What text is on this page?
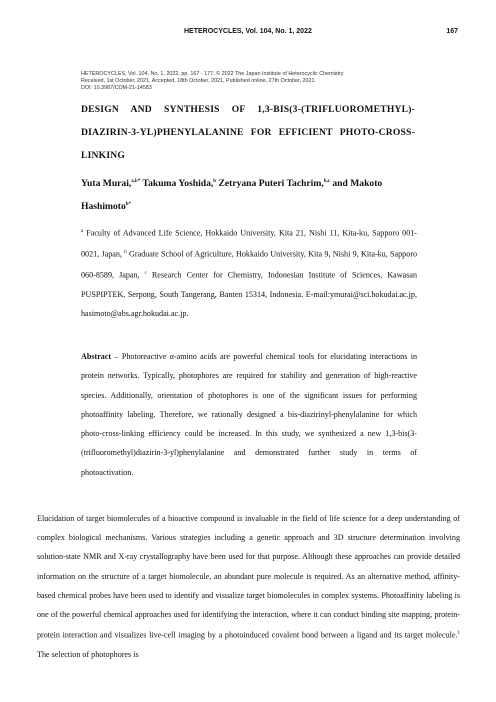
HETEROCYCLES, Vol. 104, No. 1, 2022	167
HETEROCYCLES, Vol. 104, No. 1, 2022, pp. 167 - 177. © 2022 The Japan Institute of Heterocyclic Chemistry
Received, 1st October, 2021, Accepted, 18th October, 2021, Published online, 27th October, 2021
DOI: 10.3987/COM-21-14583
DESIGN AND SYNTHESIS OF 1,3-BIS(3-(TRIFLUOROMETHYL)-DIAZIRIN-3-YL)PHENYLALANINE FOR EFFICIENT PHOTO-CROSS-LINKING
Yuta Murai,$^{a,b*}$ Takuma Yoshida,$^b$ Zetryana Puteri Tachrim,$^{b,c}$ and Makoto Hashimoto$^{b*}$
$^a$ Faculty of Advanced Life Science, Hokkaido University, Kita 21, Nishi 11, Kita-ku, Sapporo 001-0021, Japan, $^b$ Graduate School of Agriculture, Hokkaido University, Kita 9, Nishi 9, Kita-ku, Sapporo 060-8589, Japan, $^c$ Research Center for Chemistry, Indonesian Institute of Sciences, Kawasan PUSPIPTEK, Serpong, South Tangerang, Banten 15314, Indonesia. E-mail:ymurai@sci.hokudai.ac.jp, hasimoto@abs.agr.hokudai.ac.jp.
Abstract – Photoreactive α-amino acids are powerful chemical tools for elucidating interactions in protein networks. Typically, photophores are required for stability and generation of high-reactive species. Additionally, orientation of photophores is one of the significant issues for performing photoaffinity labeling. Therefore, we rationally designed a bis-diazirinyl-phenylalanine for which photo-cross-linking efficiency could be increased. In this study, we synthesized a new 1,3-bis(3-(trifluoromethyl)diazirin-3-yl)phenylalanine and demonstrated further study in terms of photoactivation.
Elucidation of target biomolecules of a bioactive compound is invaluable in the field of life science for a deep understanding of complex biological mechanisms. Various strategies including a genetic approach and 3D structure determination involving solution-state NMR and X-ray crystallography have been used for that purpose. Although these approaches can provide detailed information on the structure of a target biomolecule, an abundant pure molecule is required. As an alternative method, affinity-based chemical probes have been used to identify and visualize target biomolecules in complex systems. Photoaffinity labeling is one of the powerful chemical approaches used for identifying the interaction, where it can conduct binding site mapping, protein-protein interaction and visualizes live-cell imaging by a photoinduced covalent bond between a ligand and its target molecule.$^1$ The selection of photophores is
